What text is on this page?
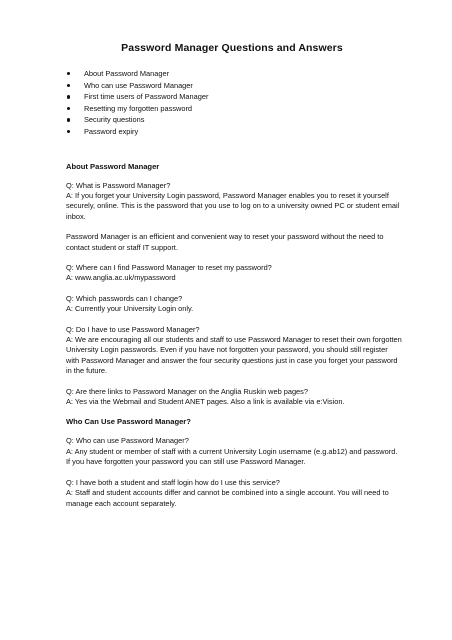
Password Manager Questions and Answers
About Password Manager
Who can use Password Manager
First time users of Password Manager
Resetting my forgotten password
Security questions
Password expiry
About Password Manager

Q: What is Password Manager?
A: If you forget your University Login password, Password Manager enables you to reset it yourself securely, online. This is the password that you use to log on to a university owned PC or student email inbox.

Password Manager is an efficient and convenient way to reset your password without the need to contact student or staff IT support.

Q: Where can I find Password Manager to reset my password?
A: www.anglia.ac.uk/mypassword

Q: Which passwords can I change?
A: Currently your University Login only.

Q: Do I have to use Password Manager?
A: We are encouraging all our students and staff to use Password Manager to reset their own forgotten University Login passwords. Even if you have not forgotten your password, you should still register with Password Manager and answer the four security questions just in case you forget your password in the future.

Q: Are there links to Password Manager on the Anglia Ruskin web pages?
A: Yes via the Webmail and Student ANET pages. Also a link is available via e:Vision.

Who Can Use Password Manager?

Q: Who can use Password Manager?
A: Any student or member of staff with a current University Login username (e.g.ab12) and password. If you have forgotten your password you can still use Password Manager.

Q: I have both a student and staff login how do I use this service?
A: Staff and student accounts differ and cannot be combined into a single account. You will need to manage each account separately.
